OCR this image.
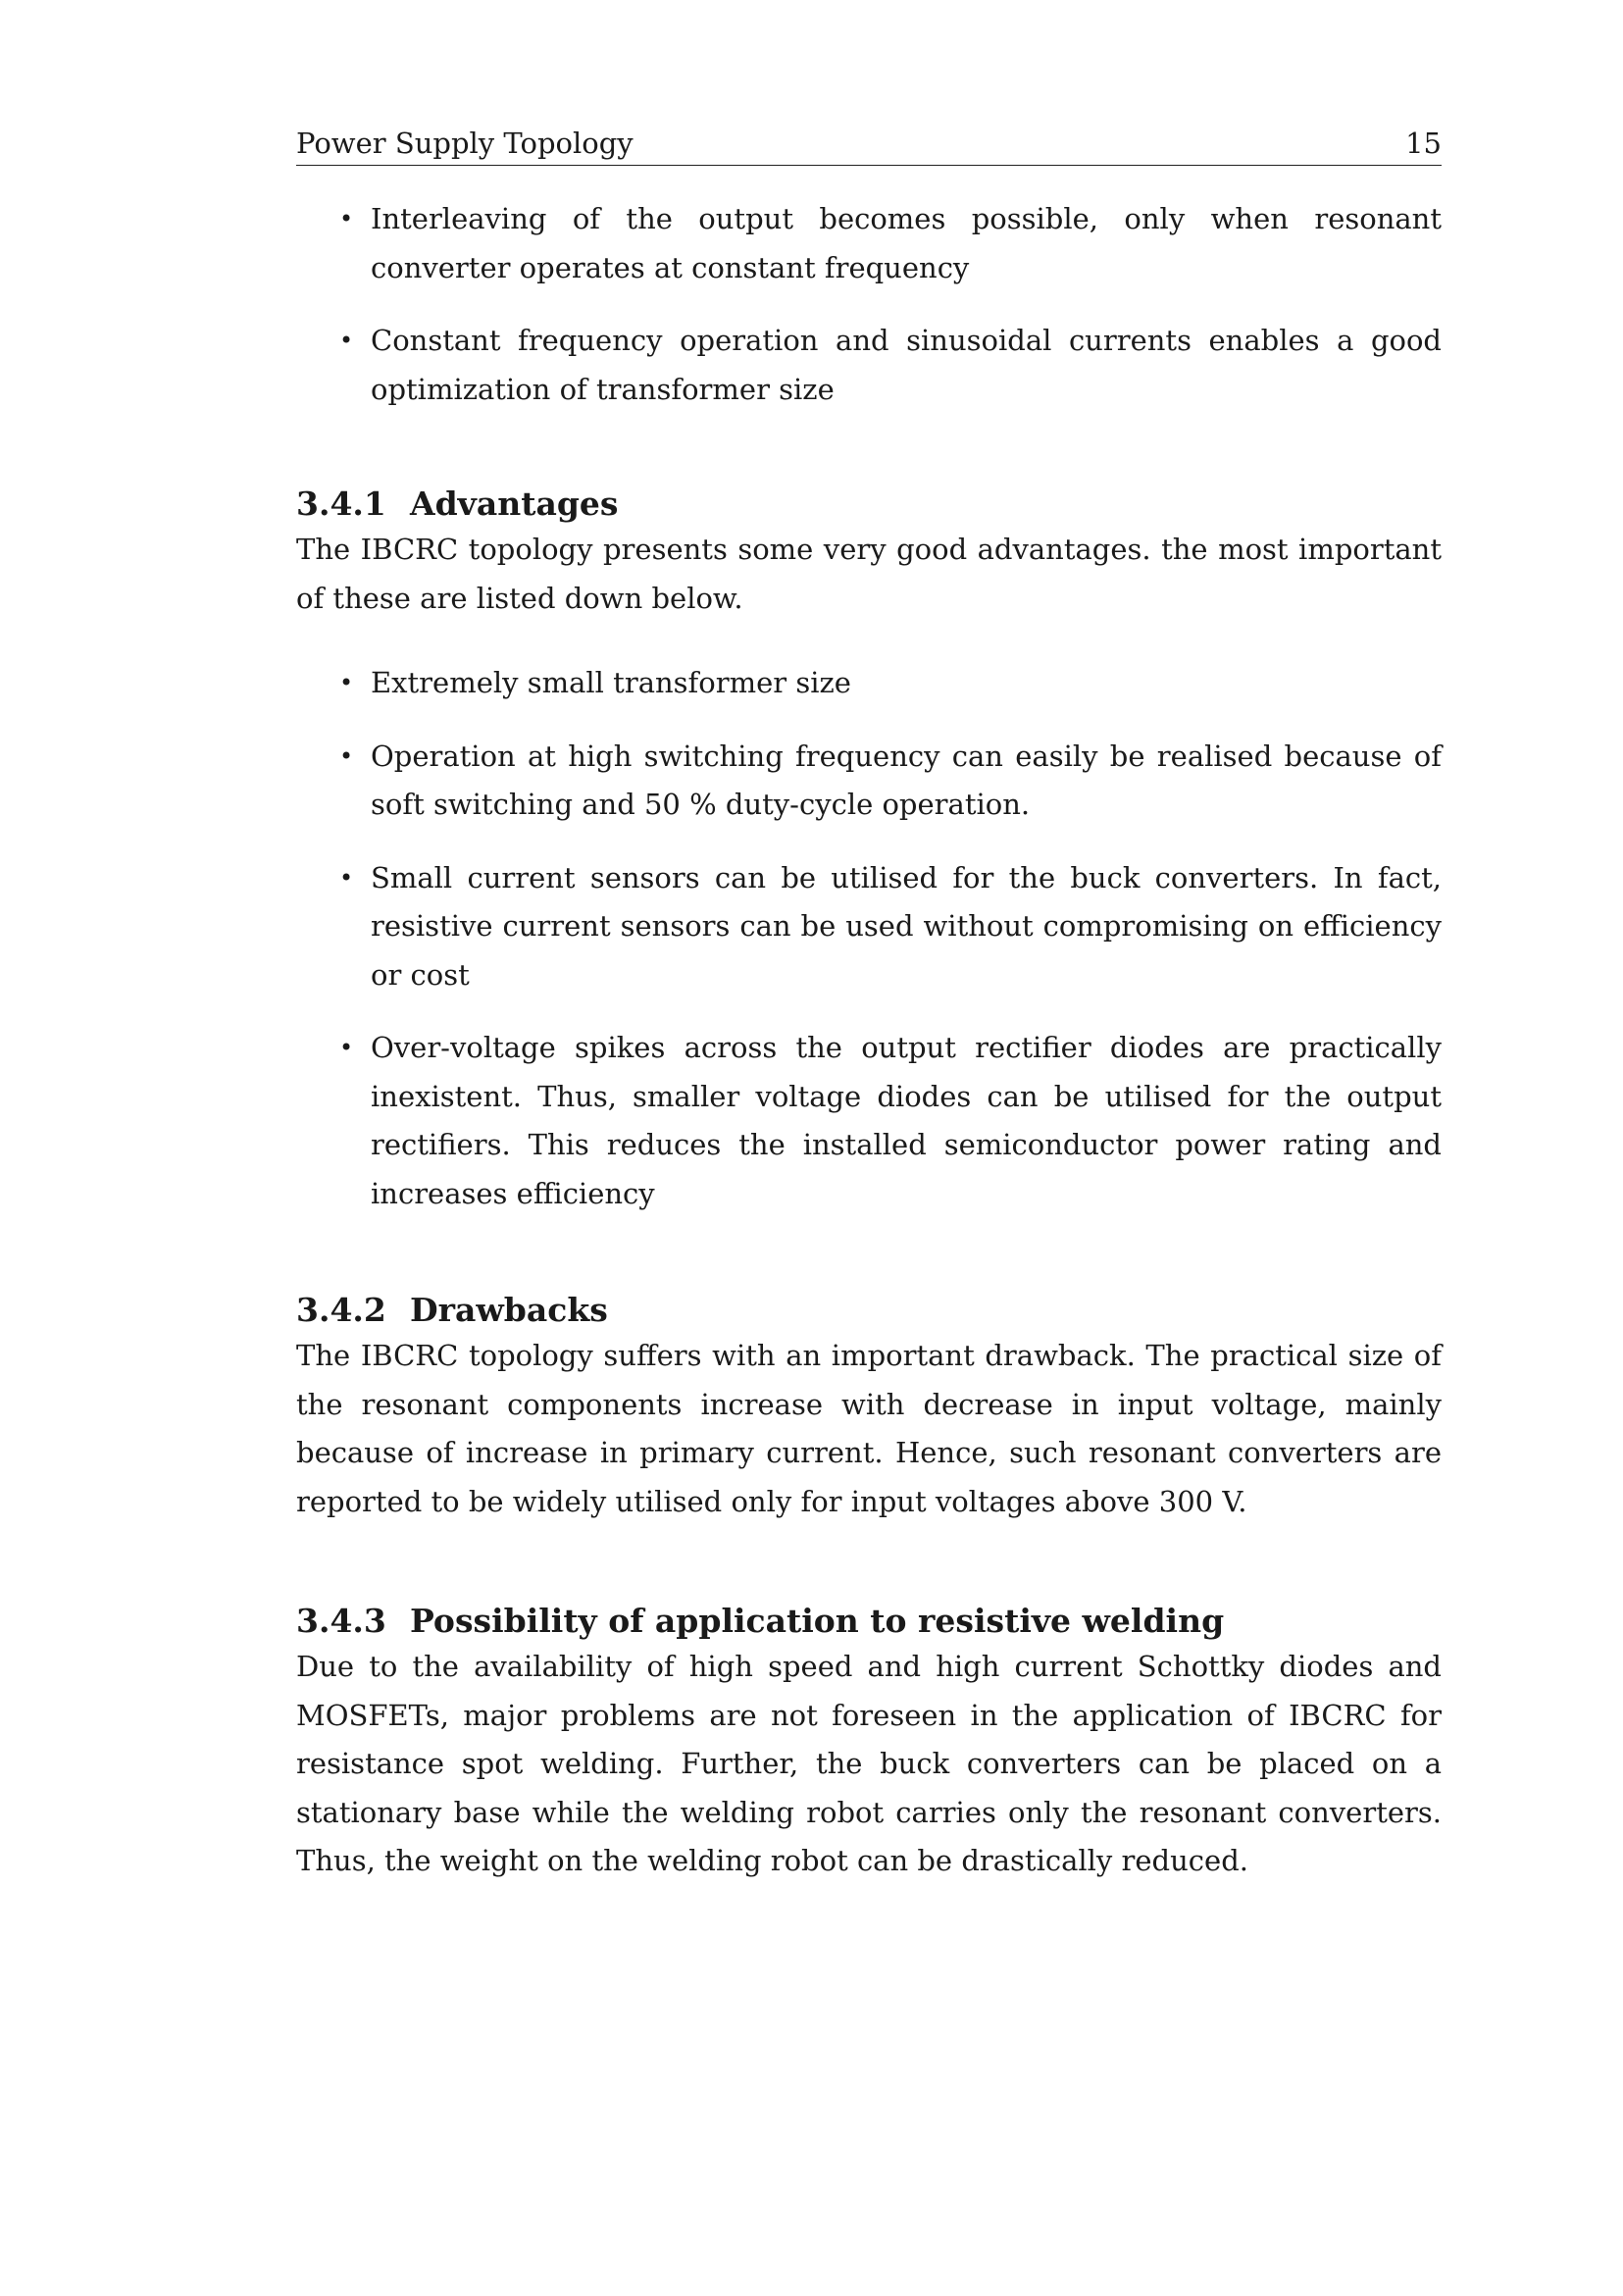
Power Supply Topology	15
• Interleaving of the output becomes possible, only when resonant converter operates at constant frequency
• Constant frequency operation and sinusoidal currents enables a good optimization of transformer size
3.4.1 Advantages

The IBCRC topology presents some very good advantages. the most important of these are listed down below.

• Extremely small transformer size
• Operation at high switching frequency can easily be realised because of soft switching and 50 % duty-cycle operation.
• Small current sensors can be utilised for the buck converters. In fact, resistive current sensors can be used without compromising on efficiency or cost
• Over-voltage spikes across the output rectifier diodes are practically inexistent. Thus, smaller voltage diodes can be utilised for the output rectifiers. This reduces the installed semiconductor power rating and increases efficiency
3.4.2 Drawbacks

The IBCRC topology suffers with an important drawback. The practical size of the resonant components increase with decrease in input voltage, mainly because of increase in primary current. Hence, such resonant converters are reported to be widely utilised only for input voltages above 300 V.

3.4.3 Possibility of application to resistive welding

Due to the availability of high speed and high current Schottky diodes and MOSFETs, major problems are not foreseen in the application of IBCRC for resistance spot welding. Further, the buck converters can be placed on a stationary base while the welding robot carries only the resonant converters. Thus, the weight on the welding robot can be drastically reduced.
